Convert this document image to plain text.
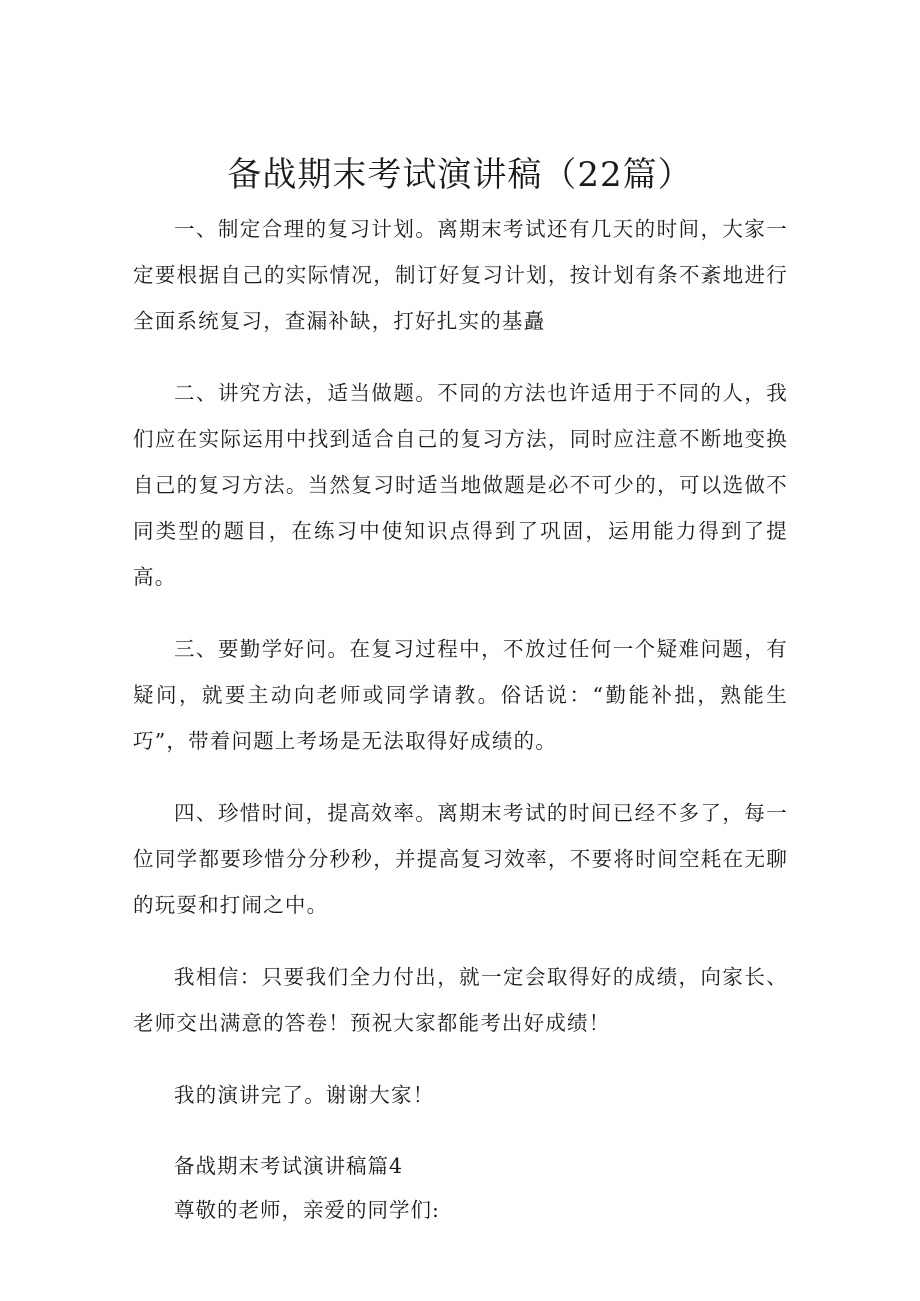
备战期末考试演讲稿（22篇）

一、制定合理的复习计划。离期末考试还有几天的时间，大家一定要根据自己的实际情况，制订好复习计划，按计划有条不紊地进行全面系统复习，查漏补缺，打好扎实的基矗

二、讲究方法，适当做题。不同的方法也许适用于不同的人，我们应在实际运用中找到适合自己的复习方法，同时应注意不断地变换自己的复习方法。当然复习时适当地做题是必不可少的，可以选做不同类型的题目，在练习中使知识点得到了巩固，运用能力得到了提高。

三、要勤学好问。在复习过程中，不放过任何一个疑难问题，有疑问，就要主动向老师或同学请教。俗话说：“勤能补拙，熟能生巧”，带着问题上考场是无法取得好成绩的。

四、珍惜时间，提高效率。离期末考试的时间已经不多了，每一位同学都要珍惜分分秒秒，并提高复习效率，不要将时间空耗在无聊的玩耍和打闹之中。

我相信：只要我们全力付出，就一定会取得好的成绩，向家长、老师交出满意的答卷！预祝大家都能考出好成绩！

我的演讲完了。谢谢大家！

备战期末考试演讲稿篇4

尊敬的老师，亲爱的同学们:
